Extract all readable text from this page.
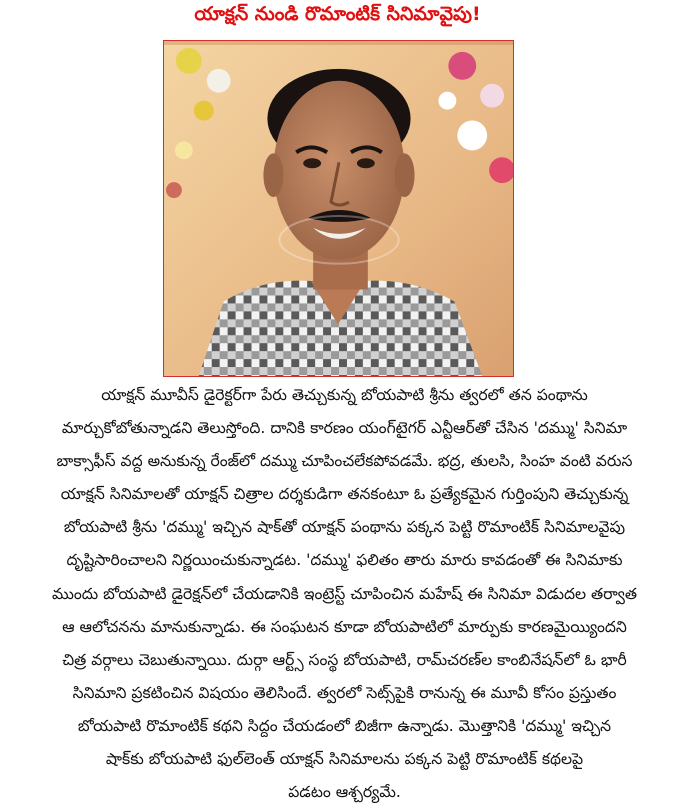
యాక్షన్ నుండి రొమాంటిక్ సినిమావైపు!

యాక్షన్ మూవీస్ డైరెక్టర్‌గా పేరు తెచ్చుకున్న బోయపాటి శ్రీను త్వరలో తన పంథాను

మార్చుకోబోతున్నాడని తెలుస్తోంది. దానికి కారణం యంగ్‌టైగర్ ఎన్టీఆర్‌తో చేసిన 'దమ్ము' సినిమా

బాక్సాఫీస్ వద్ద అనుకున్న రేంజ్‌లో దమ్ము చూపించలేకపోవడమే. భద్ర, తులసి, సింహ వంటి వరుస

యాక్షన్ సినిమాలతో యాక్షన్ చిత్రాల దర్శకుడిగా తనకంటూ ఓ ప్రత్యేకమైన గుర్తింపుని తెచ్చుకున్న

బోయపాటి శ్రీను 'దమ్ము' ఇచ్చిన షాక్‌తో యాక్షన్ పంథాను పక్కన పెట్టి రొమాంటిక్ సినిమాలవైపు

దృష్టిసారించాలని నిర్ణయించుకున్నాడట. 'దమ్ము' ఫలితం తారు మారు కావడంతో ఈ సినిమాకు

ముందు బోయపాటి డైరెక్షన్‌లో చేయడానికి ఇంట్రెస్ట్ చూపించిన మహేష్ ఈ సినిమా విడుదల తర్వాత

ఆ ఆలోచనను మానుకున్నాడు. ఈ సంఘటన కూడా బోయపాటిలో మార్పుకు కారణమైయ్యిందని

చిత్ర వర్గాలు చెబుతున్నాయి. దుర్గా ఆర్ట్స్ సంస్థ బోయపాటి, రామ్‌చరణ్‌ల కాంబినేషన్‌లో ఓ భారీ

సినిమాని ప్రకటించిన విషయం తెలిసిందే. త్వరలో సెట్స్‌పైకి రానున్న ఈ మూవీ కోసం ప్రస్తుతం

బోయపాటి రొమాంటిక్ కథని సిద్దం చేయడంలో బిజీగా ఉన్నాడు. మొత్తానికి 'దమ్ము' ఇచ్చిన

షాక్‌కు బోయపాటి ఫుల్‌లెంత్ యాక్షన్ సినిమాలను పక్కన పెట్టి రొమాంటిక్ కథలపై

పడటం ఆశ్చర్యమే.
